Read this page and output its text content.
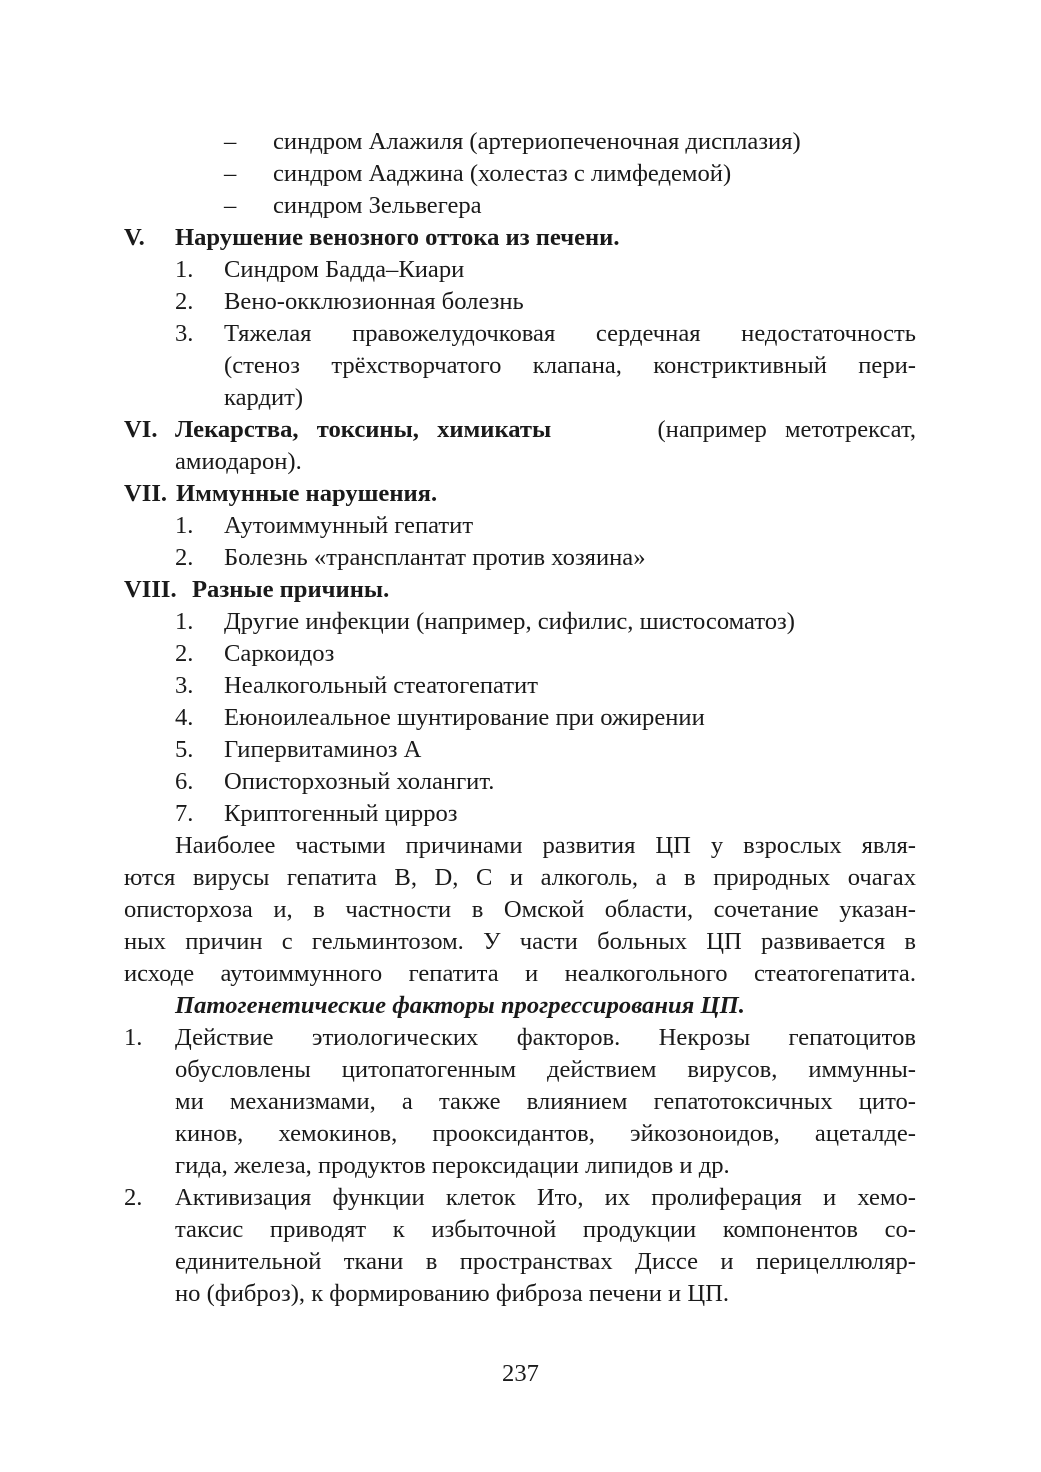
– синдром Алажиля (артериопеченочная дисплазия)
– синдром Ааджина (холестаз с лимфедемой)
– синдром Зельвегера
V. Нарушение венозного оттока из печени.
1. Синдром Бадда–Киари
2. Вено-окклюзионная болезнь
3. Тяжелая правожелудочковая сердечная недостаточность
(стеноз трёхстворчатого клапана, констриктивный пери-
кардит)
VI. Лекарства, токсины, химикаты	(например метотрексат,
амиодарон).
VII. Иммунные нарушения.
1. Аутоиммунный гепатит
2. Болезнь «трансплантат против хозяина»
VIII. Разные причины.
1. Другие инфекции (например, сифилис, шистосоматоз)
2. Саркоидоз
3. Неалкогольный стеатогепатит
4. Еюноилеальное шунтирование при ожирении
5. Гипервитаминоз А
6. Описторхозный холангит.
7. Криптогенный цирроз
Наиболее частыми причинами развития ЦП у взрослых явля-
ются вирусы гепатита В, D, С и алкоголь, а в природных очагах
описторхоза и, в частности в Омской области, сочетание указан-
ных причин с гельминтозом. У части больных ЦП развивается в
исходе аутоиммунного гепатита и неалкогольного стеатогепатита.
Патогенетические факторы прогрессирования ЦП.
1. Действие этиологических факторов. Некрозы гепатоцитов
обусловлены цитопатогенным действием вирусов, иммунны-
ми механизмами, а также влиянием гепатотоксичных цито-
кинов, хемокинов, прооксидантов, эйкозоноидов, ацеталде-
гида, железа, продуктов пероксидации липидов и др.
2. Активизация функции клеток Ито, их пролиферация и хемо-
таксис приводят к избыточной продукции компонентов со-
единительной ткани в пространствах Диссе и перицеллюляр-
но (фиброз), к формированию фиброза печени и ЦП.
237
